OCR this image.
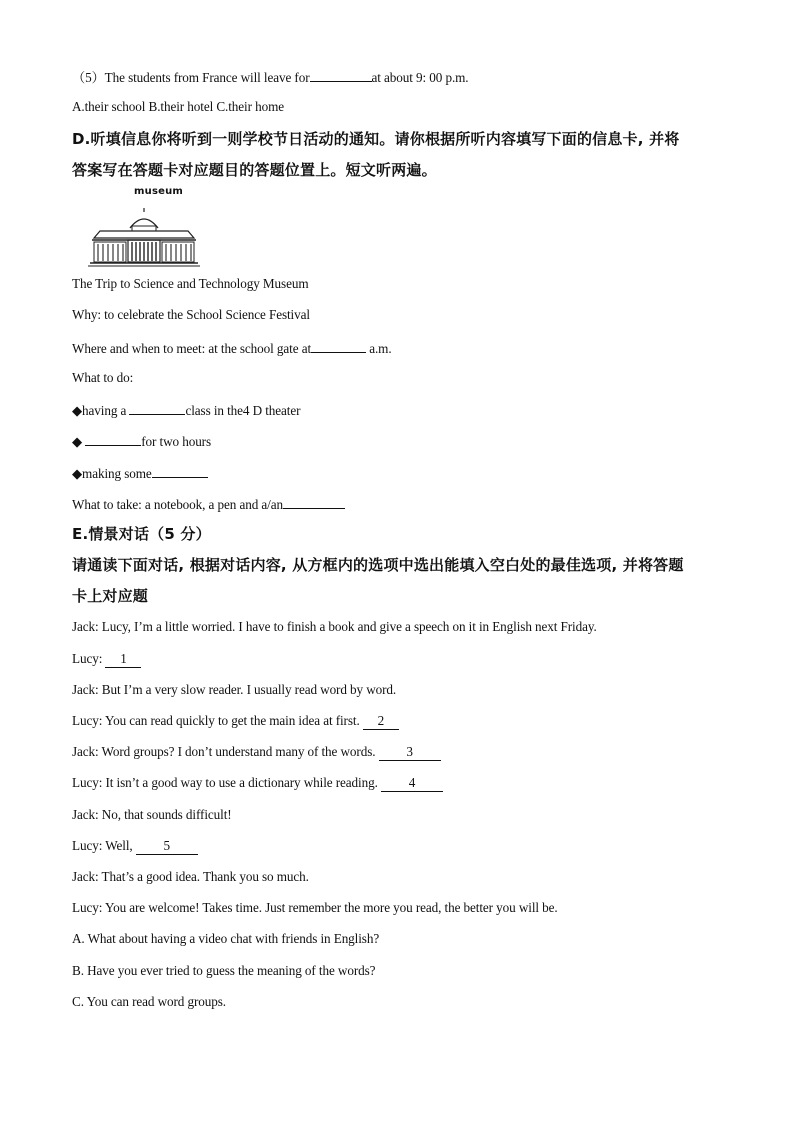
（5）The students from France will leave for	at about 9: 00 p.m.
A.their school B.their hotel C.their home
D.听填信息你将听到一则学校节日活动的通知。请你根据所听内容填写下面的信息卡, 并将
答案写在答题卡对应题目的答题位置上。短文听两遍。
museum
The Trip to Science and Technology Museum
Why: to celebrate the School Science Festival
Where and when to meet: at the school gate at	a.m.
What to do:
◆having a	class in the4 D theater
◆	for two hours
◆making some
What to take: a notebook, a pen and a/an
E.情景对话（5 分）
请通读下面对话, 根据对话内容, 从方框内的选项中选出能填入空白处的最佳选项, 并将答题
卡上对应题
Jack: Lucy, I’m a little worried. I have to finish a book and give a speech on it in English next Friday.
Lucy: 1
Jack: But I’m a very slow reader. I usually read word by word.
Lucy: You can read quickly to get the main idea at first. 2
Jack: Word groups? I don’t understand many of the words. 3
Lucy: It isn’t a good way to use a dictionary while reading. 4
Jack: No, that sounds difficult!
Lucy: Well, 5
Jack: That’s a good idea. Thank you so much.
Lucy: You are welcome! Takes time. Just remember the more you read, the better you will be.
A. What about having a video chat with friends in English?
B. Have you ever tried to guess the meaning of the words?
C. You can read word groups.
